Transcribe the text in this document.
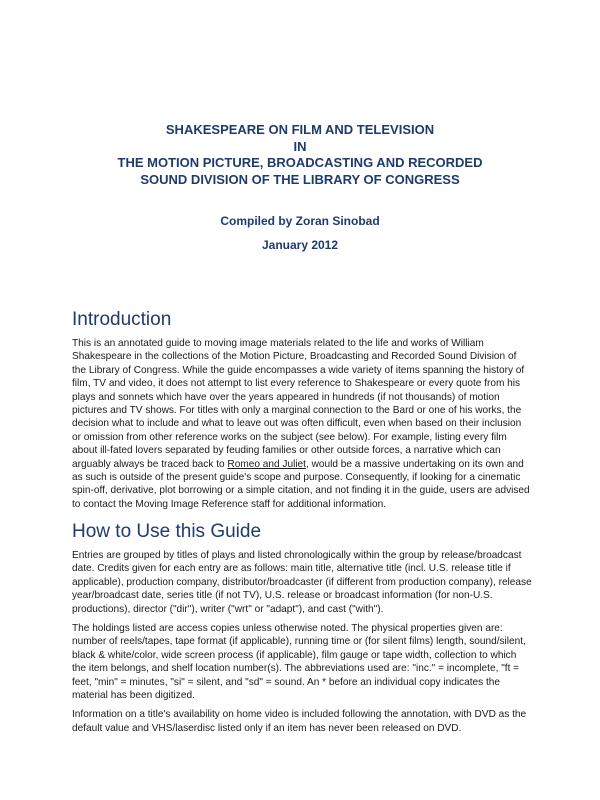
SHAKESPEARE ON FILM AND TELEVISION
IN
THE MOTION PICTURE, BROADCASTING AND RECORDED
SOUND DIVISION OF THE LIBRARY OF CONGRESS
Compiled by Zoran Sinobad
January 2012
Introduction

This is an annotated guide to moving image materials related to the life and works of William Shakespeare in the collections of the Motion Picture, Broadcasting and Recorded Sound Division of the Library of Congress. While the guide encompasses a wide variety of items spanning the history of film, TV and video, it does not attempt to list every reference to Shakespeare or every quote from his plays and sonnets which have over the years appeared in hundreds (if not thousands) of motion pictures and TV shows. For titles with only a marginal connection to the Bard or one of his works, the decision what to include and what to leave out was often difficult, even when based on their inclusion or omission from other reference works on the subject (see below). For example, listing every film about ill-fated lovers separated by feuding families or other outside forces, a narrative which can arguably always be traced back to Romeo and Juliet, would be a massive undertaking on its own and as such is outside of the present guide's scope and purpose. Consequently, if looking for a cinematic spin-off, derivative, plot borrowing or a simple citation, and not finding it in the guide, users are advised to contact the Moving Image Reference staff for additional information.

How to Use this Guide

Entries are grouped by titles of plays and listed chronologically within the group by release/broadcast date. Credits given for each entry are as follows: main title, alternative title (incl. U.S. release title if applicable), production company, distributor/broadcaster (if different from production company), release year/broadcast date, series title (if not TV), U.S. release or broadcast information (for non-U.S. productions), director ("dir"), writer ("wrt" or "adapt"), and cast ("with").

The holdings listed are access copies unless otherwise noted. The physical properties given are: number of reels/tapes, tape format (if applicable), running time or (for silent films) length, sound/silent, black & white/color, wide screen process (if applicable), film gauge or tape width, collection to which the item belongs, and shelf location number(s). The abbreviations used are: "inc." = incomplete, "ft = feet, "min" = minutes, "si" = silent, and "sd" = sound. An * before an individual copy indicates the material has been digitized.

Information on a title's availability on home video is included following the annotation, with DVD as the default value and VHS/laserdisc listed only if an item has never been released on DVD.
